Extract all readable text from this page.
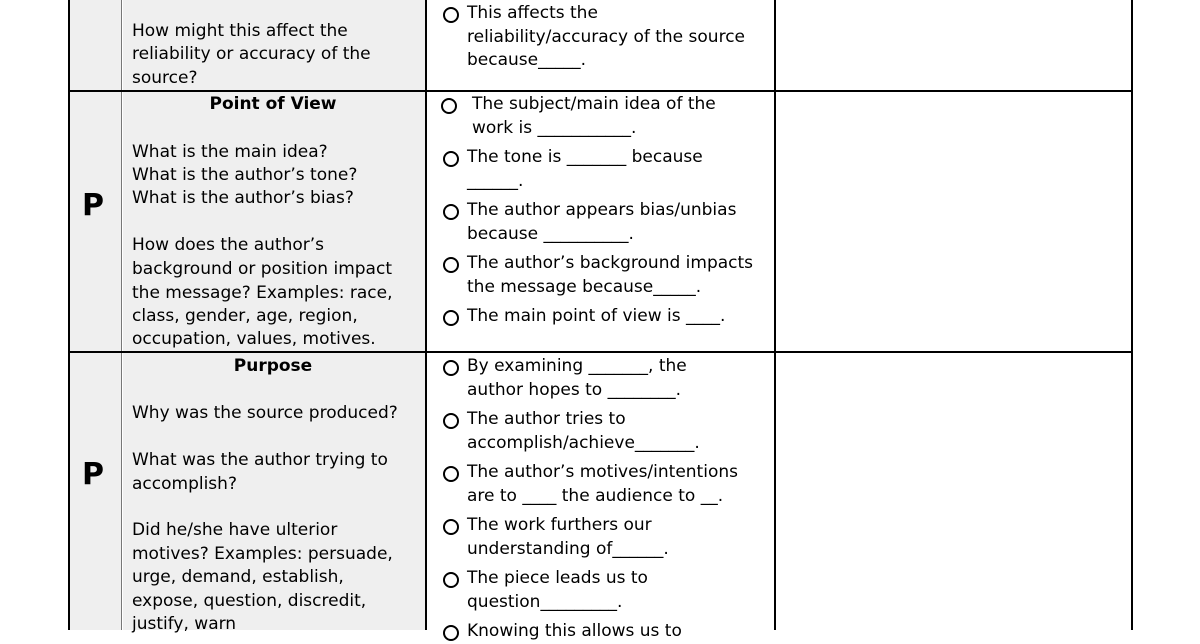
How might this affect the
reliability or accuracy of the
source?
This affects the
reliability/accuracy of the source
because_____.
P
Point of View
What is the main idea?
What is the author’s tone?
What is the author’s bias?
How does the author’s
background or position impact
the message? Examples: race,
class, gender, age, region,
occupation, values, motives.
The subject/main idea of the
work is ___________.
The tone is _______ because
______.
The author appears bias/unbias
because __________.
The author’s background impacts
the message because_____.
The main point of view is ____.
P
Purpose
Why was the source produced?
What was the author trying to
accomplish?
Did he/she have ulterior
motives? Examples: persuade,
urge, demand, establish,
expose, question, discredit,
justify, warn
By examining _______, the
author hopes to ________.
The author tries to
accomplish/achieve_______.
The author’s motives/intentions
are to ____ the audience to __.
The work furthers our
understanding of______.
The piece leads us to
question_________.
Knowing this allows us to
